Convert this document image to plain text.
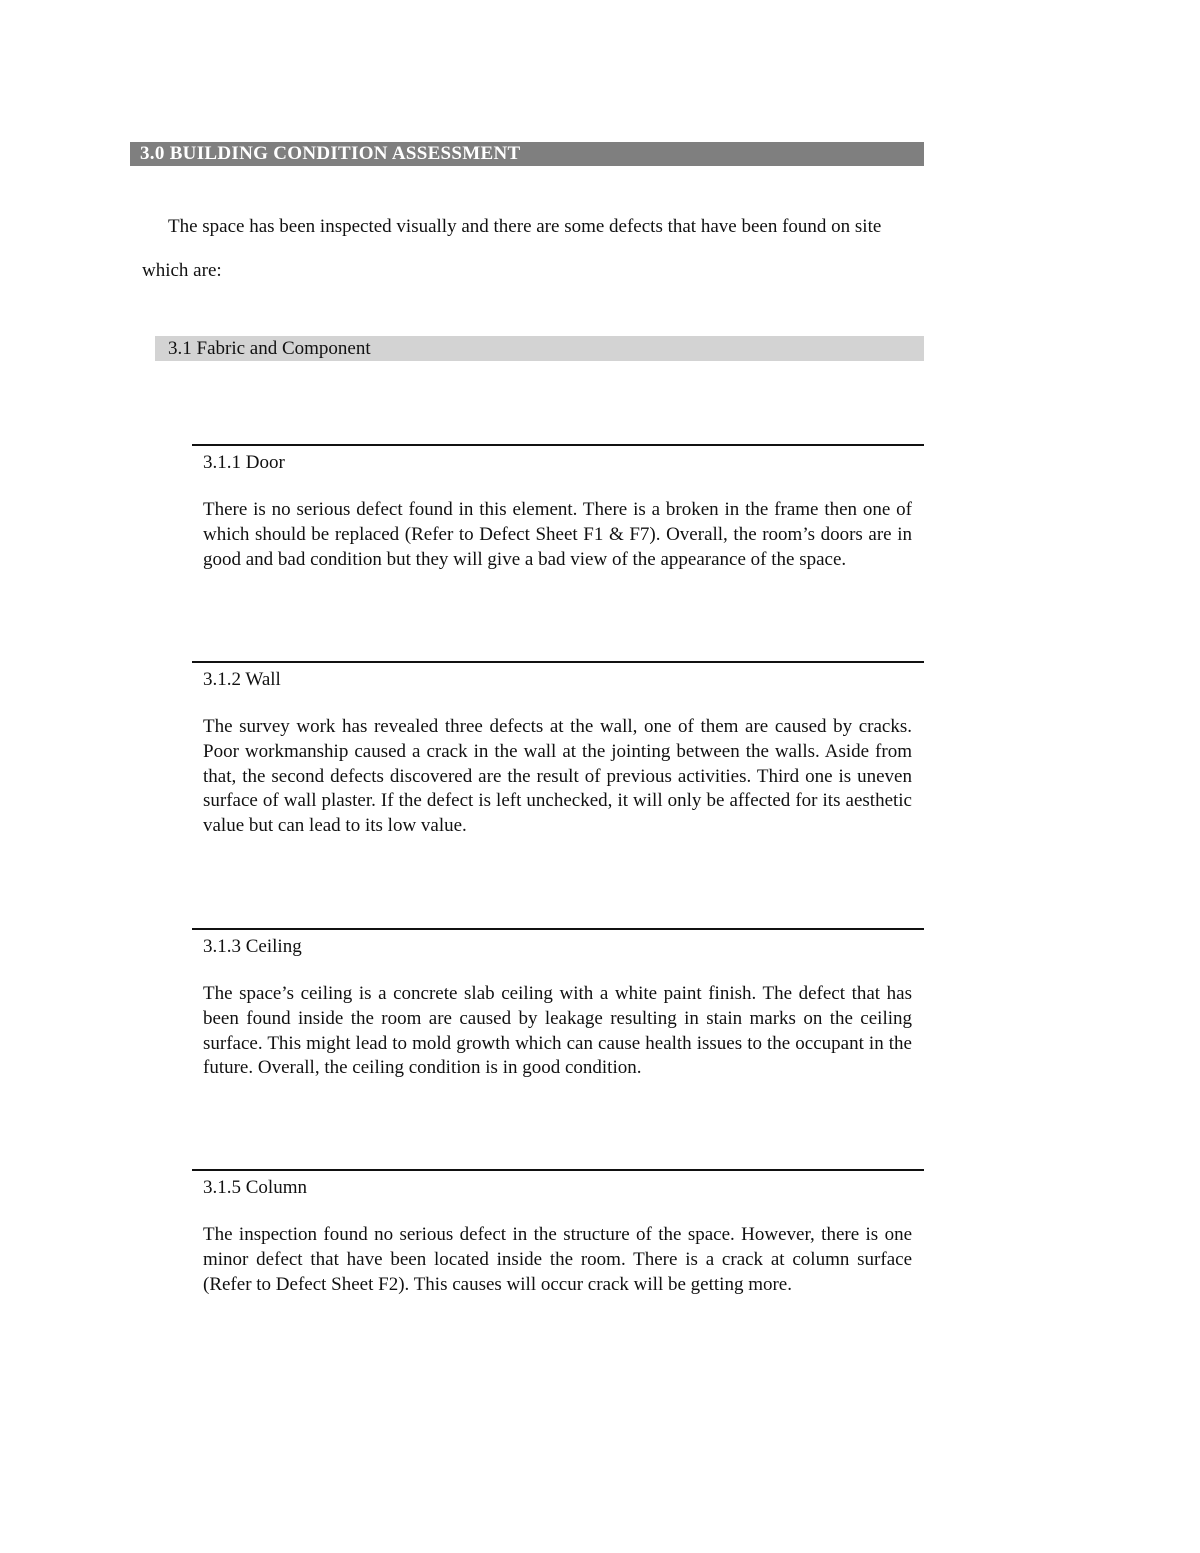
3.0 BUILDING CONDITION ASSESSMENT

The space has been inspected visually and there are some defects that have been found on site which are:

3.1 Fabric and Component
3.1.1 Door
There is no serious defect found in this element. There is a broken in the frame then one of which should be replaced (Refer to Defect Sheet F1 & F7). Overall, the room’s doors are in good and bad condition but they will give a bad view of the appearance of the space.
3.1.2 Wall
The survey work has revealed three defects at the wall, one of them are caused by cracks. Poor workmanship caused a crack in the wall at the jointing between the walls. Aside from that, the second defects discovered are the result of previous activities. Third one is uneven surface of wall plaster. If the defect is left unchecked, it will only be affected for its aesthetic value but can lead to its low value.
3.1.3 Ceiling
The space’s ceiling is a concrete slab ceiling with a white paint finish. The defect that has been found inside the room are caused by leakage resulting in stain marks on the ceiling surface. This might lead to mold growth which can cause health issues to the occupant in the future. Overall, the ceiling condition is in good condition.
3.1.5 Column
The inspection found no serious defect in the structure of the space. However, there is one minor defect that have been located inside the room. There is a crack at column surface (Refer to Defect Sheet F2). This causes will occur crack will be getting more.
